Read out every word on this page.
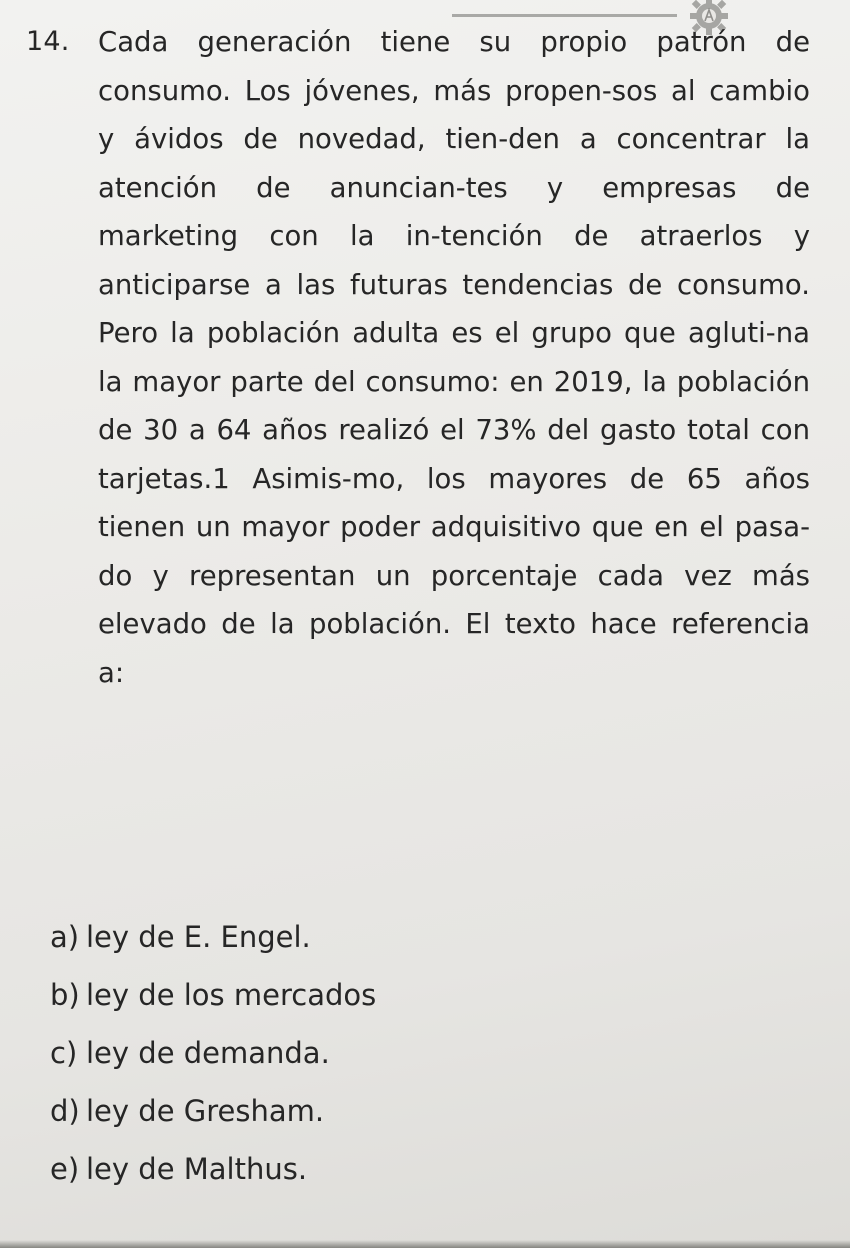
14. Cada generación tiene su propio patrón de consumo. Los jóvenes, más propen-sos al cambio y ávidos de novedad, tien-den a concentrar la atención de anuncian-tes y empresas de marketing con la in-tención de atraerlos y anticiparse a las futuras tendencias de consumo. Pero la población adulta es el grupo que agluti-na la mayor parte del consumo: en 2019, la población de 30 a 64 años realizó el 73% del gasto total con tarjetas.1 Asimis-mo, los mayores de 65 años tienen un mayor poder adquisitivo que en el pasa-do y representan un porcentaje cada vez más elevado de la población. El texto hace referencia a:
a) ley de E. Engel.
b) ley de los mercados
c) ley de demanda.
d) ley de Gresham.
e) ley de Malthus.
